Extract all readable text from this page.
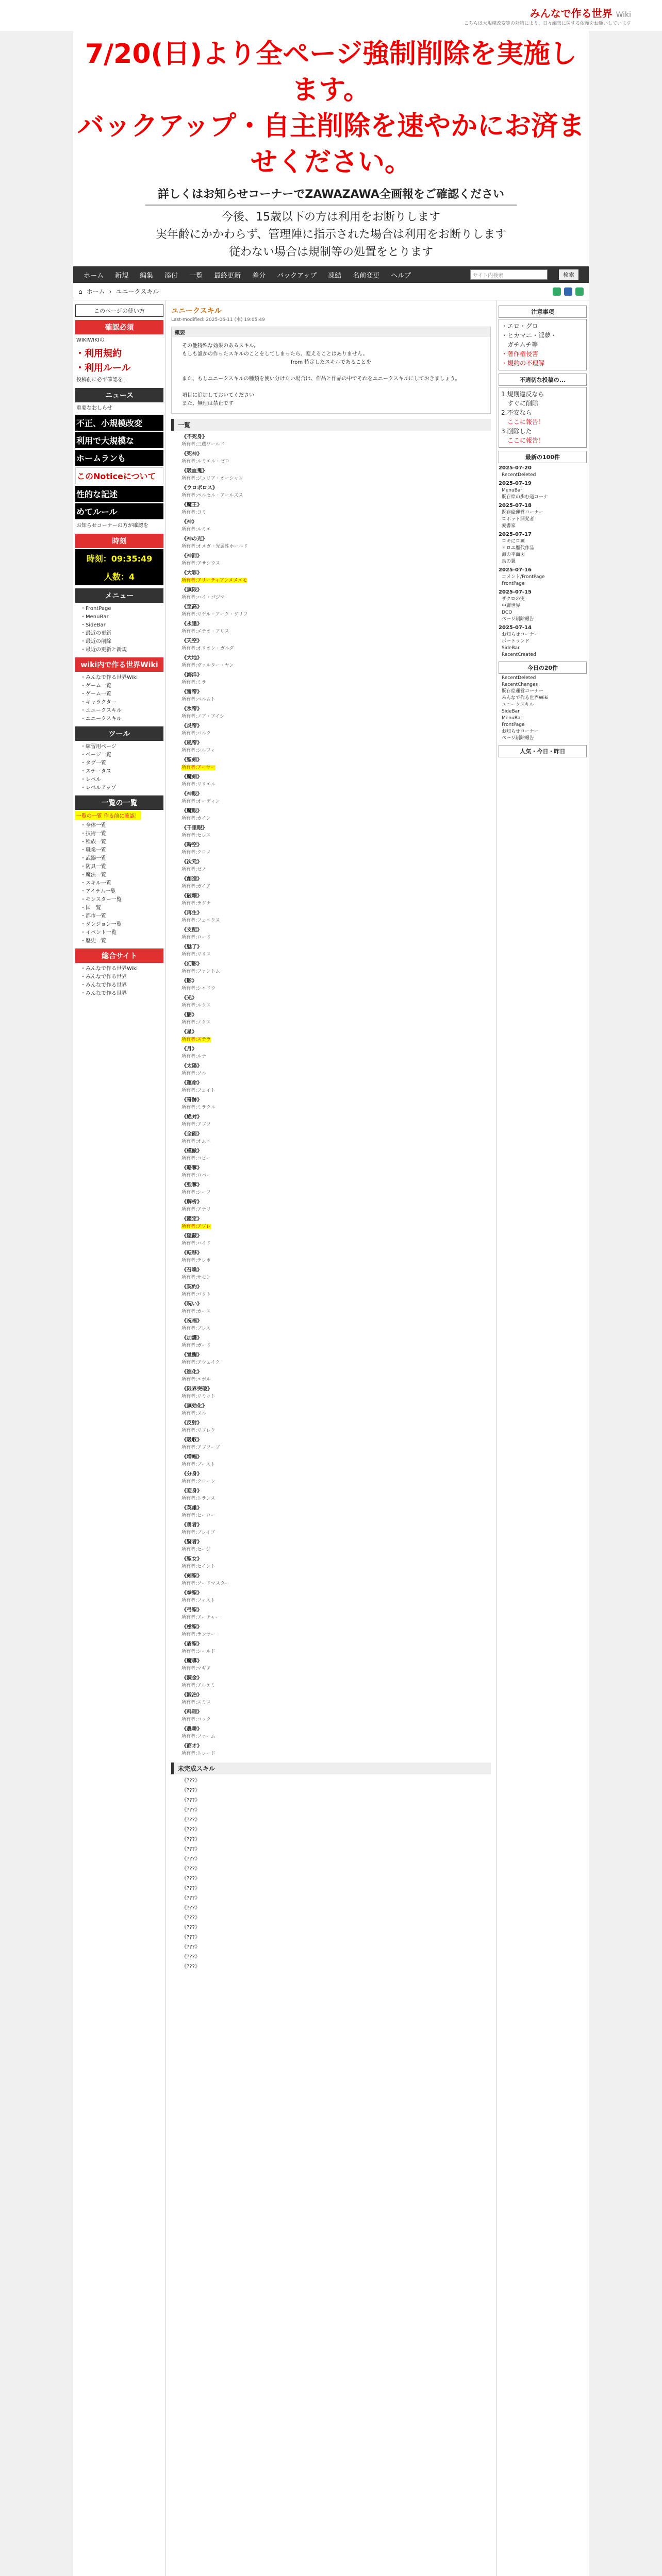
みんなで作る世界 Wiki
こちらは大規模改変等の対策により、日々編集に関する依頼をお願いしています
7/20(日)より全ページ強制削除を実施します。
バックアップ・自主削除を速やかにお済ませください。
詳しくはお知らせコーナーでZAWAZAWA全画報をご確認ください
今後、15歳以下の方は利用をお断りします
実年齢にかかわらず、管理陣に指示された場合は利用をお断りします
従わない場合は規制等の処置をとります
ホーム 新規 編集 添付 一覧 最終更新 差分 バックアップ 凍結 名前変更 ヘルプ	サイト内検索	検索
⌂ ホーム › ユニークスキル
このページの使い方
確認必須
WIKIWIKIの
・利用規約
・利用ルール
投稿前に必ず確認を！
ニュース
重要なおしらせ
不正、小規模改変
利用で大規模な
ホームランも
このNoticeについて
性的な記述
めてルール
お知らせコーナーの方が確認を
時刻
時刻：09:35:49
人数：4
メニュー
・ FrontPage
・ MenuBar
・ SideBar
・ 最近の更新
・ 最近の削除
・ 最近の更新と新規
wiki内で作る世界Wiki
・ みんなで作る世界Wiki
・ ゲーム一覧
・ ゲーム一覧
・ キャラクター
・ ユニークスキル
・ ユニークスキル
ツール
・ 練習用ページ
・ ページ一覧
・ タグ一覧
・ ステータス
・ レベル
・ レベルアップ
一覧の一覧
一覧の一覧 作る前に確認！
・ 全体一覧
・ 技術一覧
・ 種族一覧
・ 職業一覧
・ 武器一覧
・ 防具一覧
・ 魔法一覧
・ スキル一覧
・ アイテム一覧
・ モンスター一覧
・ 国一覧
・ 都市一覧
・ ダンジョン一覧
・ イベント一覧
・ 歴史一覧
総合サイト
・ みんなで作る世界Wiki
・ みんなで作る世界
・ みんなで作る世界
・ みんなで作る世界
ユニークスキル
Last-modified: 2025-06-11 (水) 19:05:49
概要
その他特殊な効果のあるスキル。
もしも誰かの作ったスキルのことをしてしまったら、変えることはありません。
from 特定したスキルであることを

また、もしユニークスキルの種類を使い分けたい場合は、作品と作品の中でそれをユニークスキルにしておきましょう。

項目に追加しておいてください
また、無理は禁止です
一覧
《不死身》

所有者:三蔵ワールド
《死神》

所有者:ルミエル・ゼロ
《吸血鬼》

所有者:ジュリア・オーシャン
《ウロボロス》

所有者:ペルセル・アールズス
《魔王》

所有者:ヨミ
《神》

所有者:ルミエ
《神の光》

所有者:オメガ・光属性ホールド
《神罰》

所有者:アサシウス
《大罪》
所有者:アリーティアンメメメモ
《無限》

所有者:ハイ・ゴジマ
《至高》

所有者:リゲル・アーク・グリフ
《永遠》

所有者:メテオ・アリス
《天空》

所有者:オリオン・ガルダ
《大地》

所有者:ヴァルター・ヤン
《海洋》

所有者:ミラ
《雷帝》

所有者:ベルムト
《氷帝》

所有者:ノア・アイシ
《炎帝》

所有者:バルク
《風帝》

所有者:シルフィ
《聖剣》
所有者:アーサー
《魔剣》

所有者:リリエル
《神眼》

所有者:オーディン
《魔眼》

所有者:カイン
《千里眼》

所有者:セレス
《時空》

所有者:クロノ
《次元》

所有者:ゼノ
《創造》

所有者:ガイア
《破壊》

所有者:ラグナ
《再生》

所有者:フェニクス
《支配》

所有者:ロード
《魅了》

所有者:リリス
《幻影》

所有者:ファントム
《影》

所有者:シャドウ
《光》

所有者:ルクス
《闇》

所有者:ノクス
《星》
所有者:ステラ
《月》

所有者:ルナ
《太陽》

所有者:ソル
《運命》

所有者:フェイト
《奇跡》

所有者:ミラクル
《絶対》

所有者:アブソ
《全能》

所有者:オムニ
《模倣》

所有者:コピー
《略奪》

所有者:ロバー
《強奪》

所有者:シーフ
《解析》

所有者:アナリ
《鑑定》
所有者:アプレ
《隠蔽》

所有者:ハイド
《転移》

所有者:テレポ
《召喚》

所有者:サモン
《契約》

所有者:パクト
《呪い》

所有者:カース
《祝福》

所有者:ブレス
《加護》

所有者:ガード
《覚醒》

所有者:アウェイク
《進化》

所有者:エボル
《限界突破》

所有者:リミット
《無効化》

所有者:ヌル
《反射》

所有者:リフレク
《吸収》

所有者:アブソーブ
《増幅》

所有者:ブースト
《分身》

所有者:クローン
《変身》

所有者:トランス
《英雄》

所有者:ヒーロー
《勇者》

所有者:ブレイブ
《賢者》

所有者:セージ
《聖女》

所有者:セイント
《剣聖》

所有者:ソードマスター
《拳聖》

所有者:フィスト
《弓聖》

所有者:アーチャー
《槍聖》

所有者:ランサー
《盾聖》

所有者:シールド
《魔導》

所有者:マギア
《錬金》

所有者:アルケミ
《鍛冶》

所有者:スミス
《料理》

所有者:コック
《農耕》

所有者:ファーム
《商才》

所有者:トレード
未完成スキル
《???》
《???》
《???》
《???》
《???》
《???》
《???》
《???》
《???》
《???》
《???》
《???》
《???》
《???》
《???》
《???》
《???》
《???》
《???》
《???》
注意事項
・エロ・グロ
・ヒカマニ・淫夢・
　ガチムチ等
・著作権侵害
・規約の不理解
不適切な投稿の...
1.規則違反なら
　すぐに削除
2.不安なら
　ここに報告！
3.削除した
　ここに報告！
最新の100件
2025-07-20
RecentDeleted
2025-07-19
MenuBar
既存絵の歩む道コーナ
2025-07-18
既存絵運営コーナー
ロボット開発者
愛書家
2025-07-17
ロキにロ画
ヒロユ歴代作品
海の平面図
鳥の翼
2025-07-16
コメント/FrontPage
FrontPage
2025-07-15
ザクロの実
中庸世界
DCO
ページ削除報告
2025-07-14
お知らせコーナー
ポートランド
SideBar
RecentCreated
今日の20件
RecentDeleted
RecentChanges
既存絵運営コーナー
みんなで作る世界Wiki
ユニークスキル
SideBar
MenuBar
FrontPage
お知らせコーナー
ページ削除報告
人気・今日・昨日
